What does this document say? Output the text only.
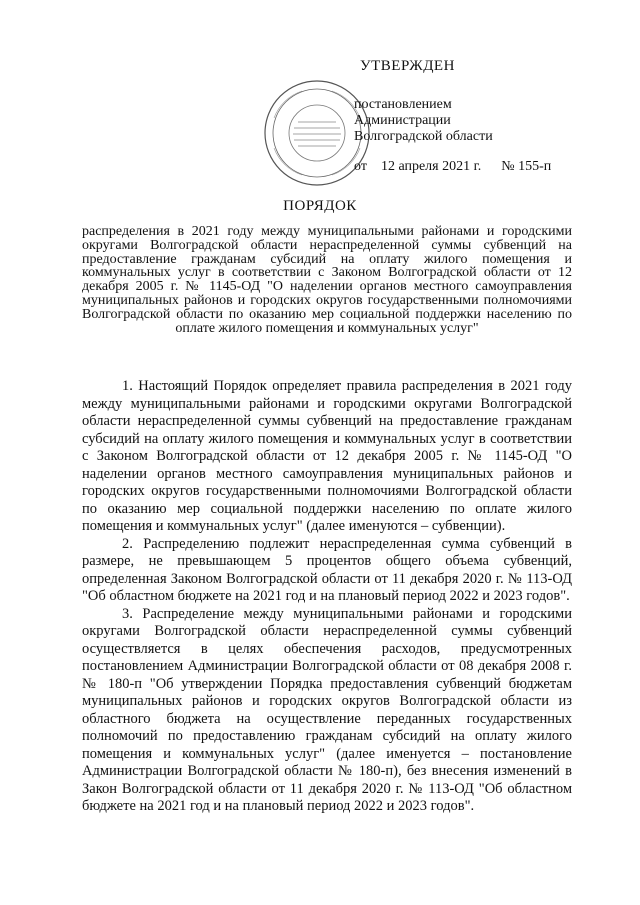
УТВЕРЖДЕН
постановлением
Администрации
Волгоградской области
от 12 апреля 2021 г. № 155-п
ПОРЯДОК
распределения в 2021 году между муниципальными районами и городскими округами Волгоградской области нераспределенной суммы субвенций на предоставление гражданам субсидий на оплату жилого помещения и коммунальных услуг в соответствии с Законом Волгоградской области от 12 декабря 2005 г. № 1145-ОД "О наделении органов местного самоуправления муниципальных районов и городских округов государственными полномочиями Волгоградской области по оказанию мер социальной поддержки населению по оплате жилого помещения и коммунальных услуг"

1. Настоящий Порядок определяет правила распределения в 2021 году между муниципальными районами и городскими округами Волгоградской области нераспределенной суммы субвенций на предоставление гражданам субсидий на оплату жилого помещения и коммунальных услуг в соответствии с Законом Волгоградской области от 12 декабря 2005 г. № 1145-ОД "О наделении органов местного самоуправления муниципальных районов и городских округов государственными полномочиями Волгоградской области по оказанию мер социальной поддержки населению по оплате жилого помещения и коммунальных услуг" (далее именуются – субвенции).

2. Распределению подлежит нераспределенная сумма субвенций в размере, не превышающем 5 процентов общего объема субвенций, определенная Законом Волгоградской области от 11 декабря 2020 г. № 113-ОД "Об областном бюджете на 2021 год и на плановый период 2022 и 2023 годов".

3. Распределение между муниципальными районами и городскими округами Волгоградской области нераспределенной суммы субвенций осуществляется в целях обеспечения расходов, предусмотренных постановлением Администрации Волгоградской области от 08 декабря 2008 г. № 180-п "Об утверждении Порядка предоставления субвенций бюджетам муниципальных районов и городских округов Волгоградской области из областного бюджета на осуществление переданных государственных полномочий по предоставлению гражданам субсидий на оплату жилого помещения и коммунальных услуг" (далее именуется – постановление Администрации Волгоградской области № 180-п), без внесения изменений в Закон Волгоградской области от 11 декабря 2020 г. № 113-ОД "Об областном бюджете на 2021 год и на плановый период 2022 и 2023 годов".
